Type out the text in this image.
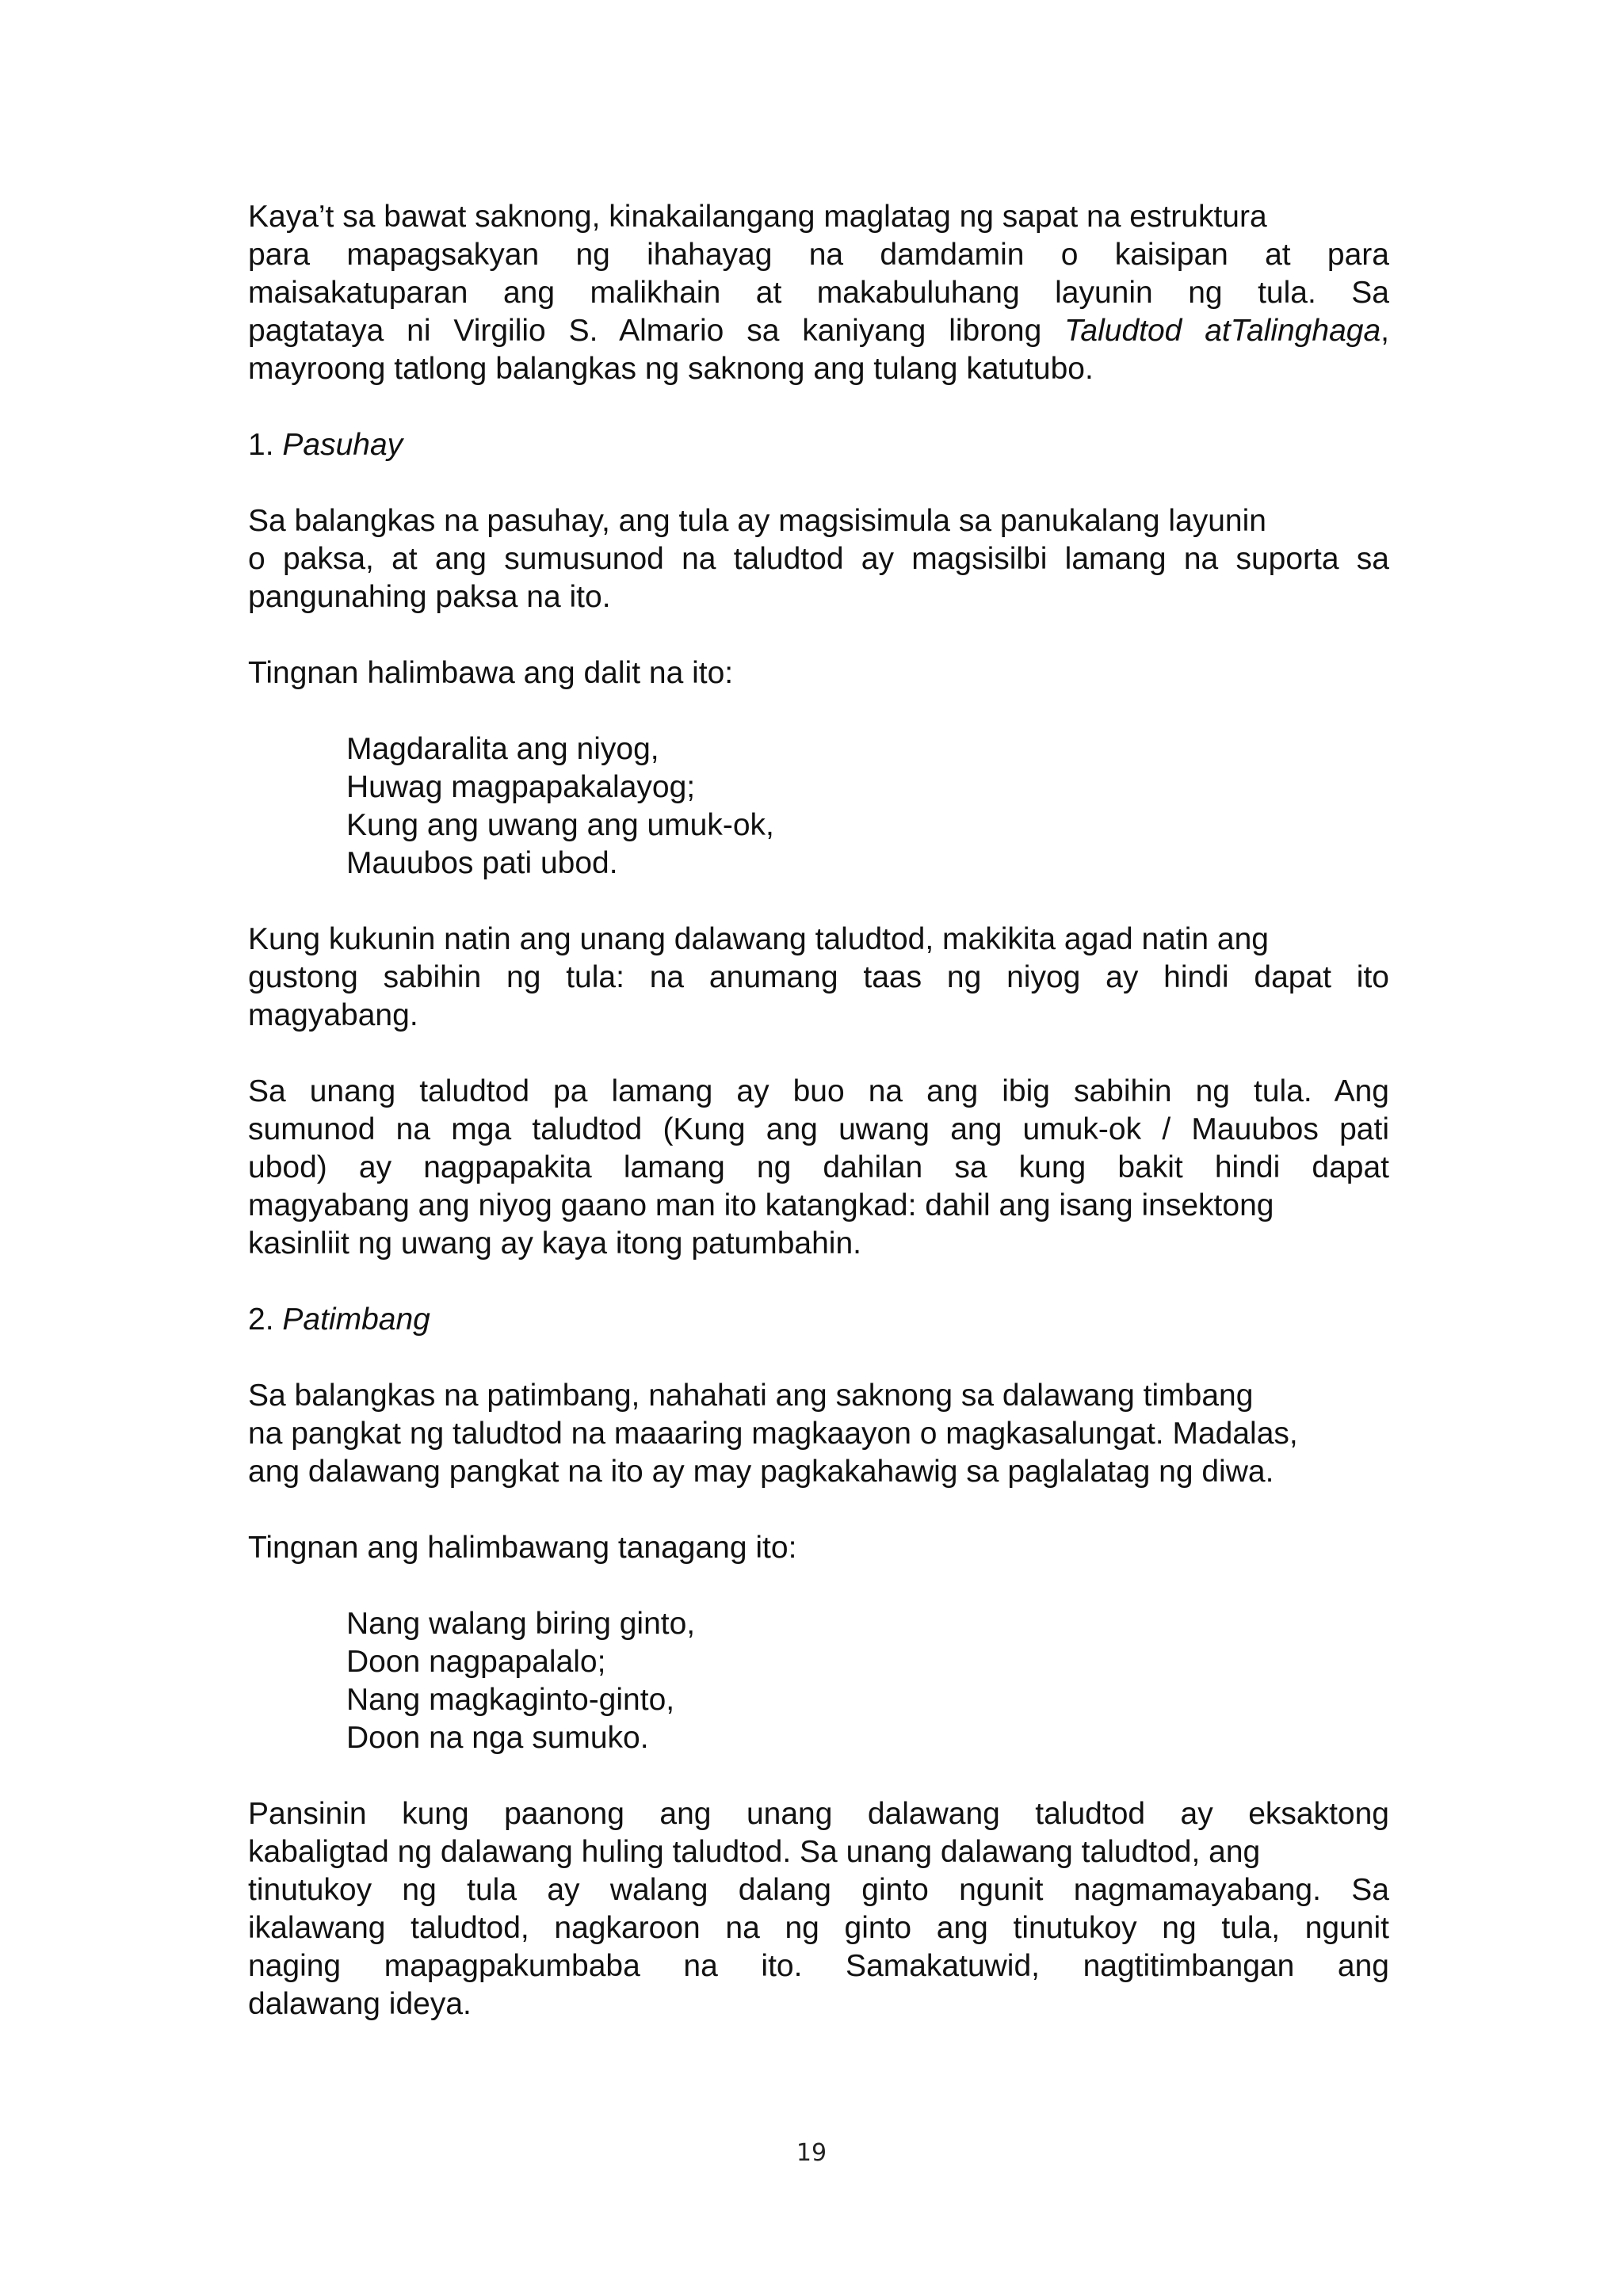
Kaya’t sa bawat saknong, kinakailangang maglatag ng sapat na estruktura
para mapagsakyan ng ihahayag na damdamin o kaisipan at para
maisakatuparan ang malikhain at makabuluhang layunin ng tula. Sa
pagtataya ni Virgilio S. Almario sa kaniyang librong Taludtod atTalinghaga,
mayroong tatlong balangkas ng saknong ang tulang katutubo.

1. Pasuhay

Sa balangkas na pasuhay, ang tula ay magsisimula sa panukalang layunin
o paksa, at ang sumusunod na taludtod ay magsisilbi lamang na suporta sa
pangunahing paksa na ito.

Tingnan halimbawa ang dalit na ito:

Magdaralita ang niyog,
Huwag magpapakalayog;
Kung ang uwang ang umuk-ok,
Mauubos pati ubod.

Kung kukunin natin ang unang dalawang taludtod, makikita agad natin ang
gustong sabihin ng tula: na anumang taas ng niyog ay hindi dapat ito
magyabang.

Sa unang taludtod pa lamang ay buo na ang ibig sabihin ng tula. Ang
sumunod na mga taludtod (Kung ang uwang ang umuk-ok / Mauubos pati
ubod) ay nagpapakita lamang ng dahilan sa kung bakit hindi dapat
magyabang ang niyog gaano man ito katangkad: dahil ang isang insektong
kasinliit ng uwang ay kaya itong patumbahin.

2. Patimbang

Sa balangkas na patimbang, nahahati ang saknong sa dalawang timbang
na pangkat ng taludtod na maaaring magkaayon o magkasalungat. Madalas,
ang dalawang pangkat na ito ay may pagkakahawig sa paglalatag ng diwa.

Tingnan ang halimbawang tanagang ito:

Nang walang biring ginto,
Doon nagpapalalo;
Nang magkaginto-ginto,
Doon na nga sumuko.

Pansinin kung paanong ang unang dalawang taludtod ay eksaktong
kabaligtad ng dalawang huling taludtod. Sa unang dalawang taludtod, ang
tinutukoy ng tula ay walang dalang ginto ngunit nagmamayabang. Sa
ikalawang taludtod, nagkaroon na ng ginto ang tinutukoy ng tula, ngunit
naging mapagpakumbaba na ito. Samakatuwid, nagtitimbangan ang
dalawang ideya.

19
